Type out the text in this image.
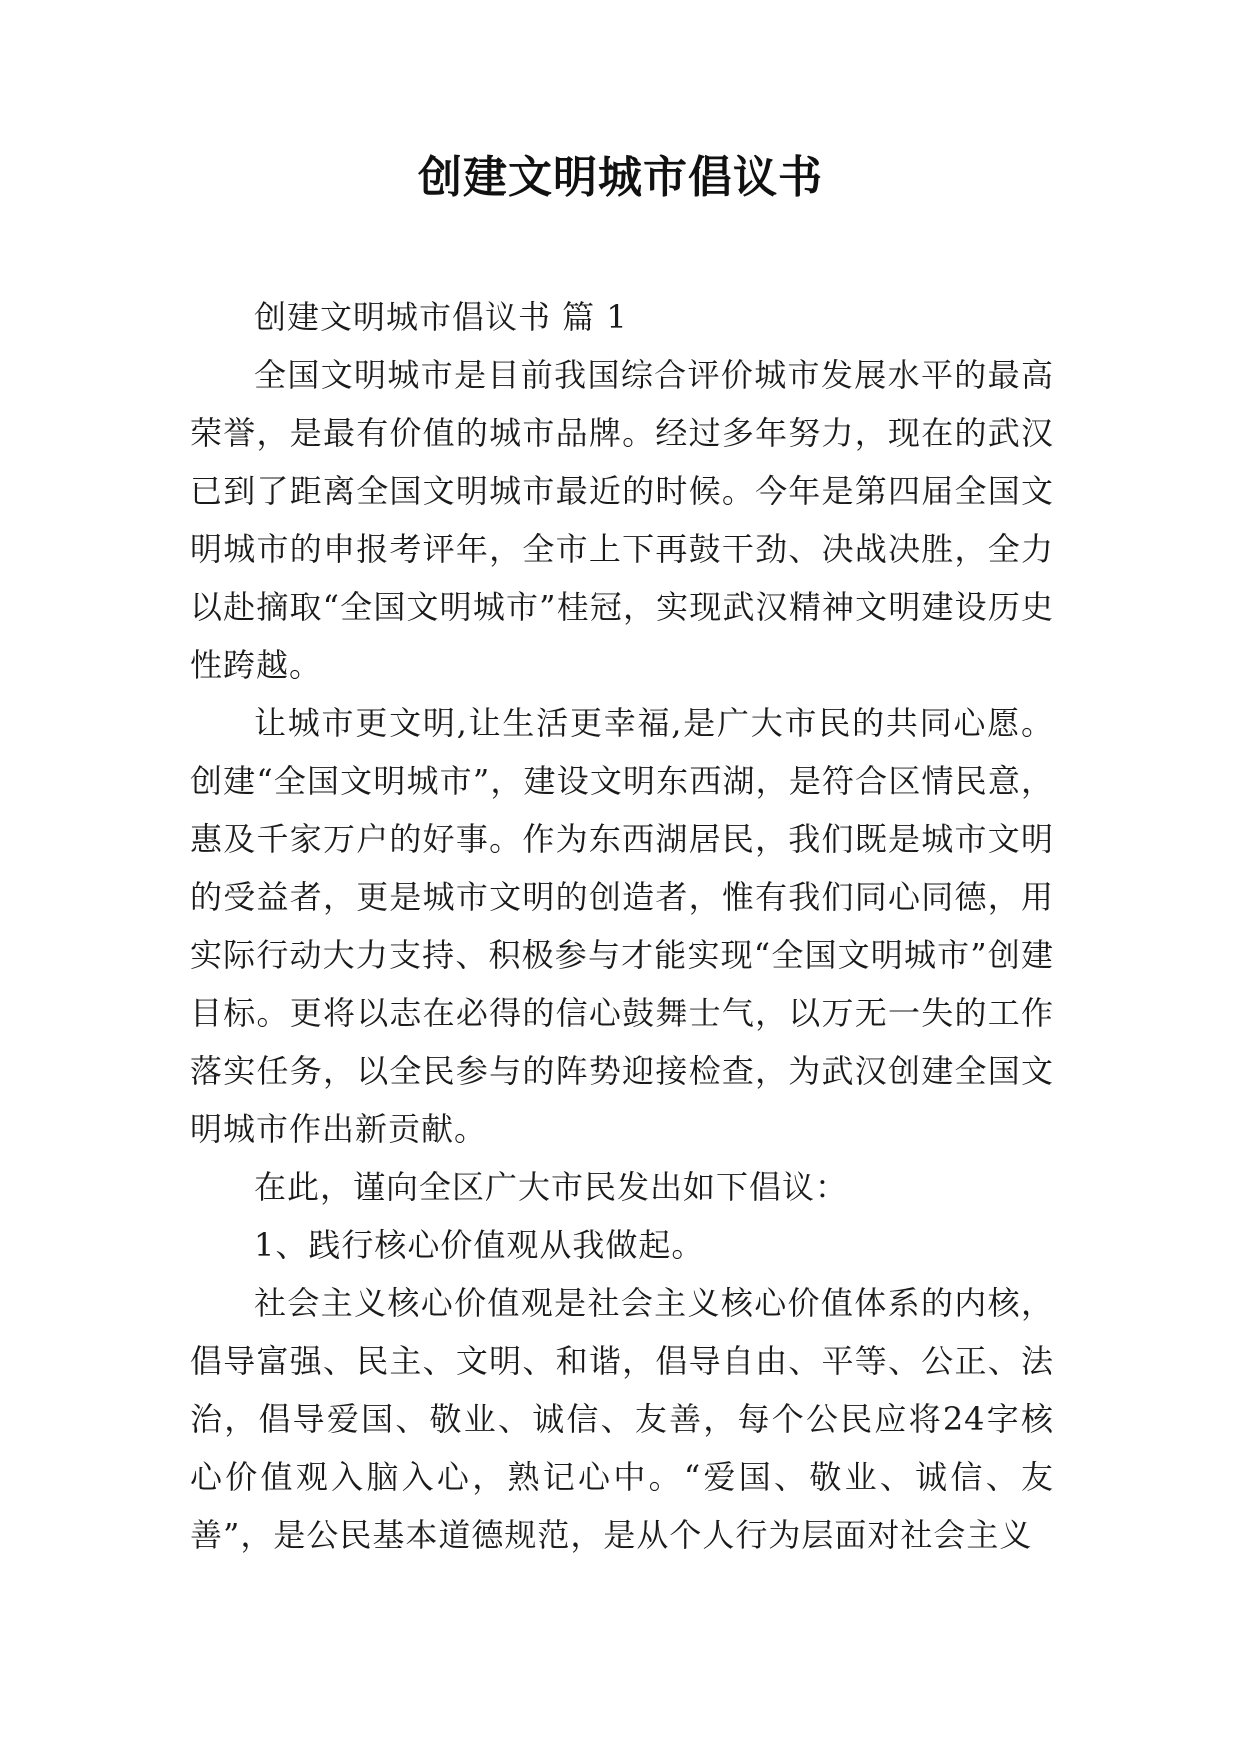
创建文明城市倡议书

创建文明城市倡议书 篇 1

全国文明城市是目前我国综合评价城市发展水平的最高荣誉，是最有价值的城市品牌。经过多年努力，现在的武汉已到了距离全国文明城市最近的时候。今年是第四届全国文明城市的申报考评年，全市上下再鼓干劲、决战决胜，全力以赴摘取“全国文明城市”桂冠，实现武汉精神文明建设历史性跨越。

让城市更文明,让生活更幸福,是广大市民的共同心愿。创建“全国文明城市”，建设文明东西湖，是符合区情民意，惠及千家万户的好事。作为东西湖居民，我们既是城市文明的受益者，更是城市文明的创造者，惟有我们同心同德，用实际行动大力支持、积极参与才能实现“全国文明城市”创建目标。更将以志在必得的信心鼓舞士气，以万无一失的工作落实任务，以全民参与的阵势迎接检查，为武汉创建全国文明城市作出新贡献。

在此，谨向全区广大市民发出如下倡议：

1、践行核心价值观从我做起。

社会主义核心价值观是社会主义核心价值体系的内核，倡导富强、民主、文明、和谐，倡导自由、平等、公正、法治，倡导爱国、敬业、诚信、友善，每个公民应将24字核心价值观入脑入心，熟记心中。“爱国、敬业、诚信、友善”，是公民基本道德规范，是从个人行为层面对社会主义
